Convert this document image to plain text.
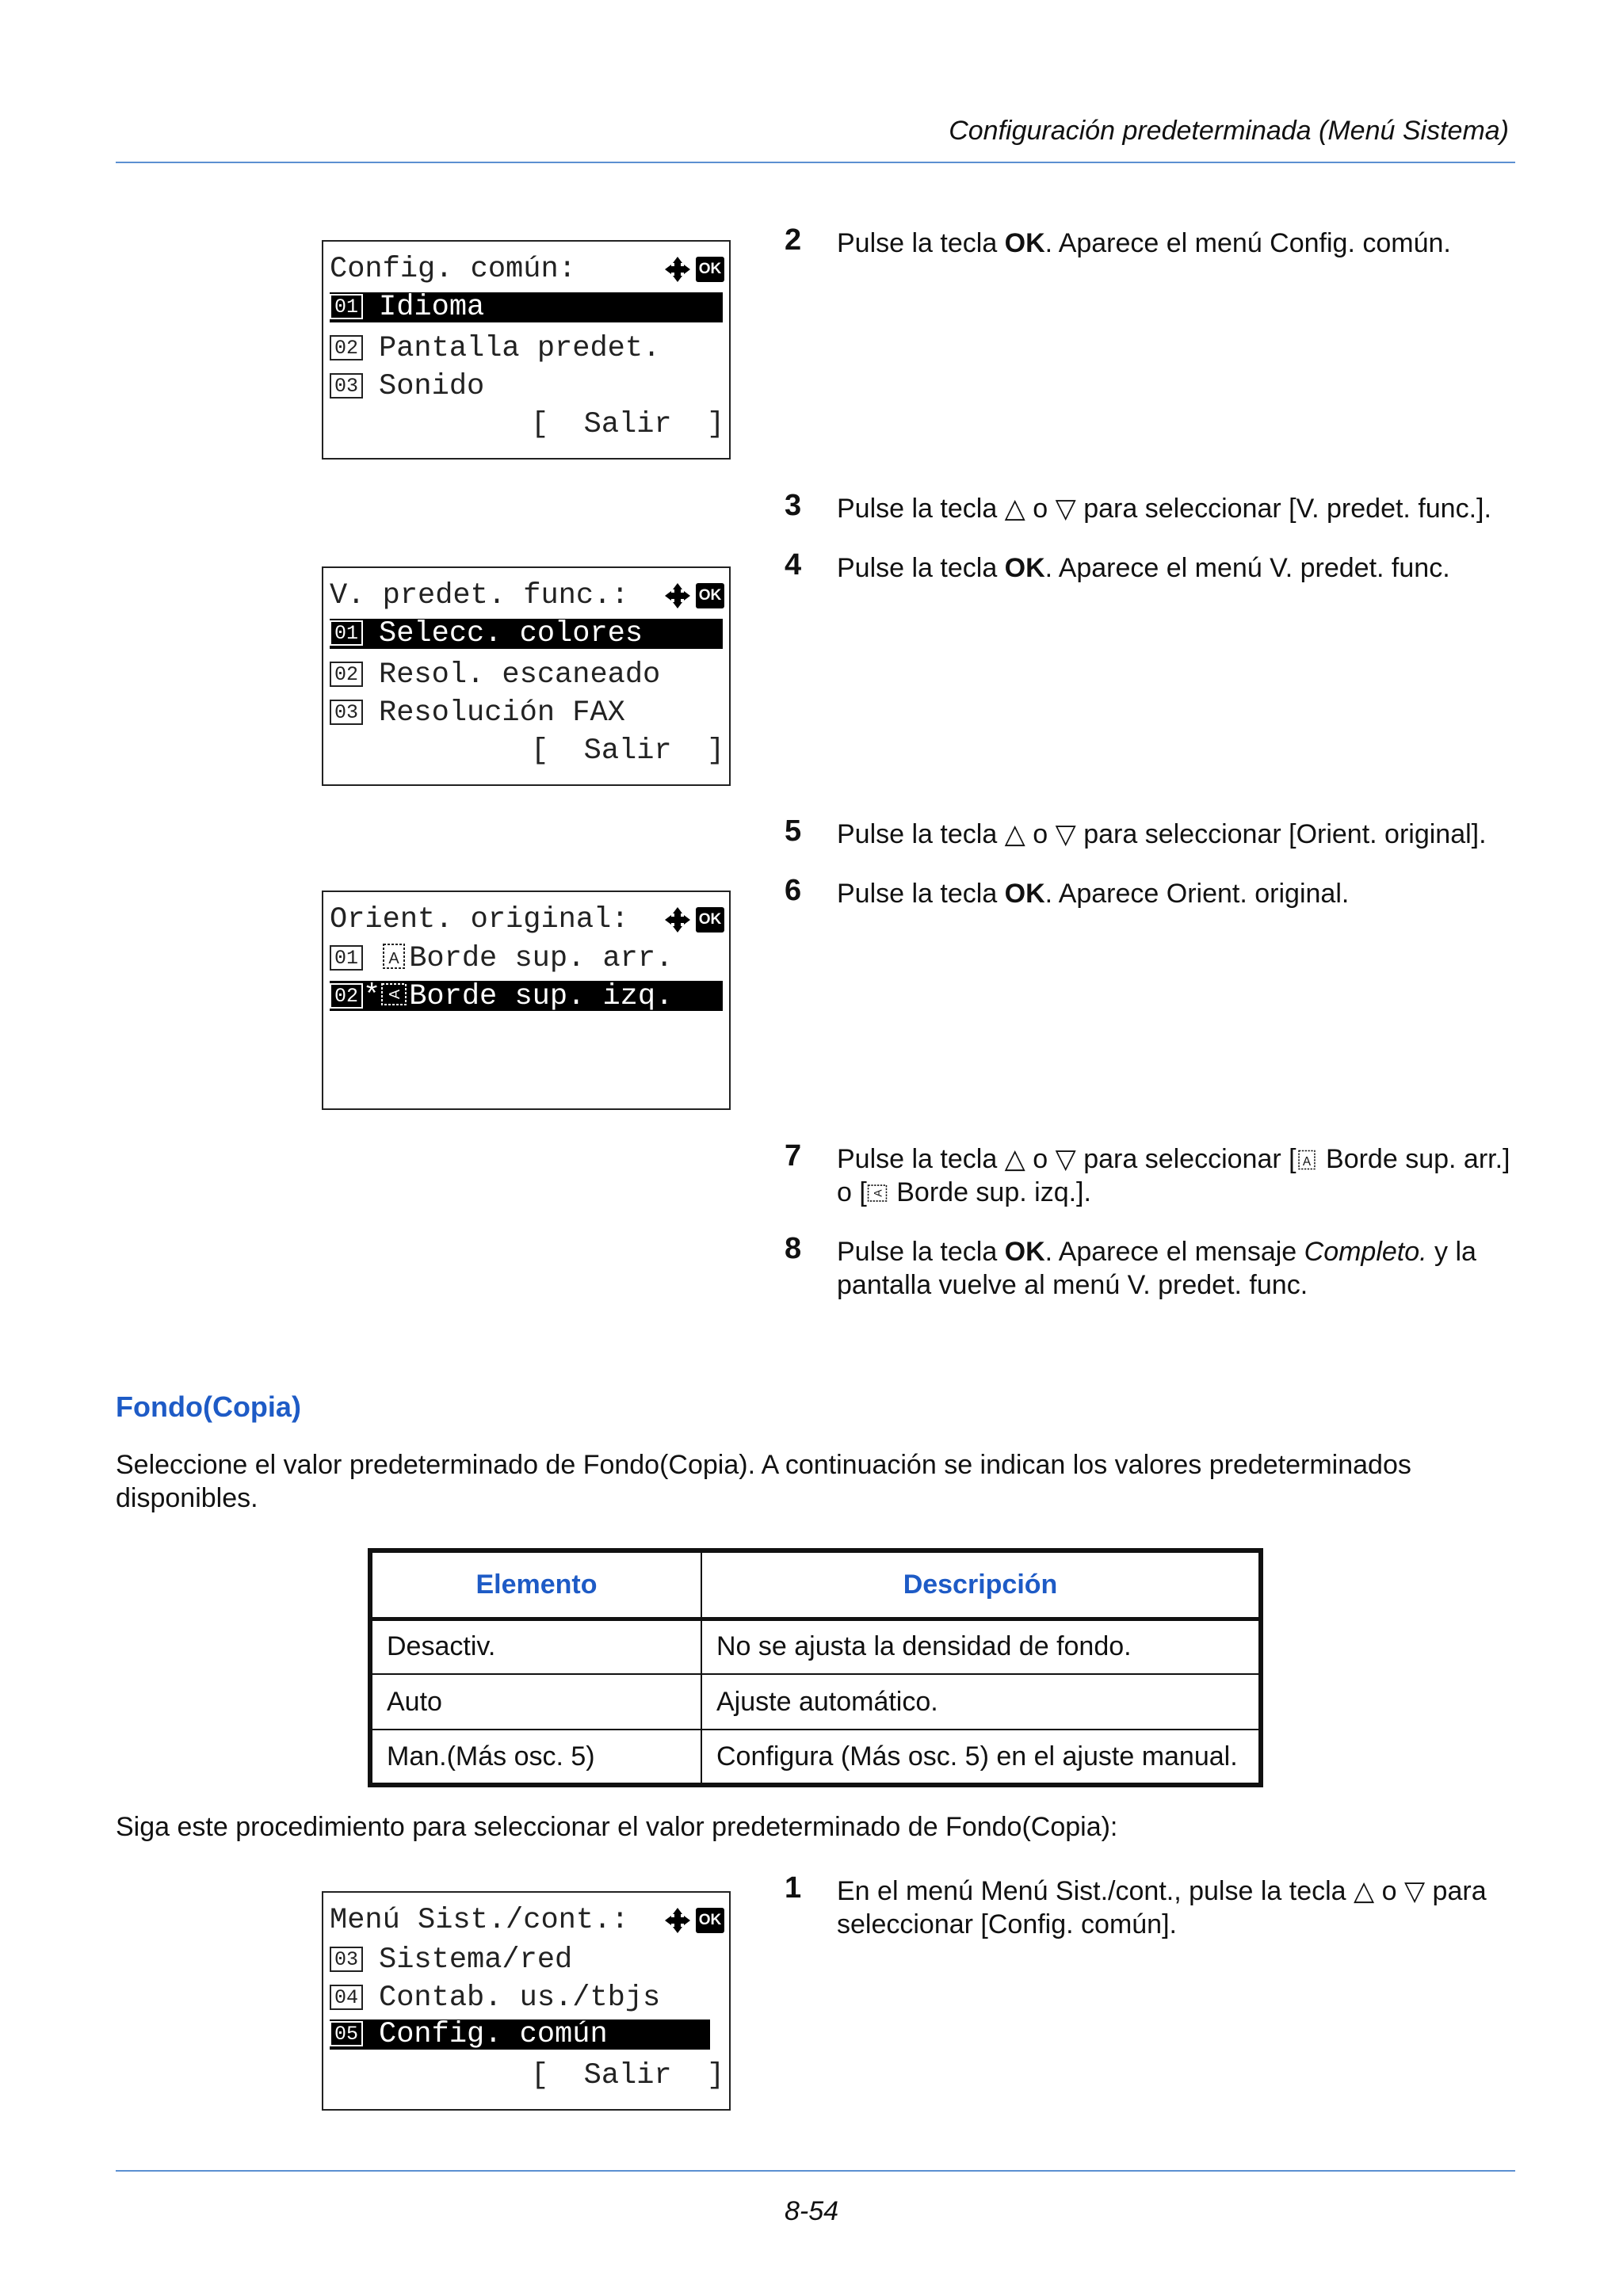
Configuración predeterminada (Menú Sistema)
Config. común:	OK
01 Idioma
02 Pantalla predet.
03 Sonido
[  Salir  ]
2 Pulse la tecla OK. Aparece el menú Config. común.
3 Pulse la tecla △ o ▽ para seleccionar [V. predet. func.].
4 Pulse la tecla OK. Aparece el menú V. predet. func.
V. predet. func.:	OK
01 Selecc. colores
02 Resol. escaneado
03 Resolución FAX
[  Salir  ]
5 Pulse la tecla △ o ▽ para seleccionar [Orient. original].
6 Pulse la tecla OK. Aparece Orient. original.
Orient. original:	OK
01 A Borde sup. arr.
02 * A Borde sup. izq.
7 Pulse la tecla △ o ▽ para seleccionar [ A Borde sup. arr.] o [ A Borde sup. izq.].
8 Pulse la tecla OK. Aparece el mensaje Completo. y la pantalla vuelve al menú V. predet. func.
Fondo(Copia)
Seleccione el valor predeterminado de Fondo(Copia). A continuación se indican los valores predeterminados disponibles.
Elemento	Descripción
Desactiv.	No se ajusta la densidad de fondo.
Auto	Ajuste automático.
Man.(Más osc. 5)	Configura (Más osc. 5) en el ajuste manual.
Siga este procedimiento para seleccionar el valor predeterminado de Fondo(Copia):
Menú Sist./cont.:	OK
03 Sistema/red
04 Contab. us./tbjs
05 Config. común
[  Salir  ]
1 En el menú Menú Sist./cont., pulse la tecla △ o ▽ para seleccionar [Config. común].
8-54
